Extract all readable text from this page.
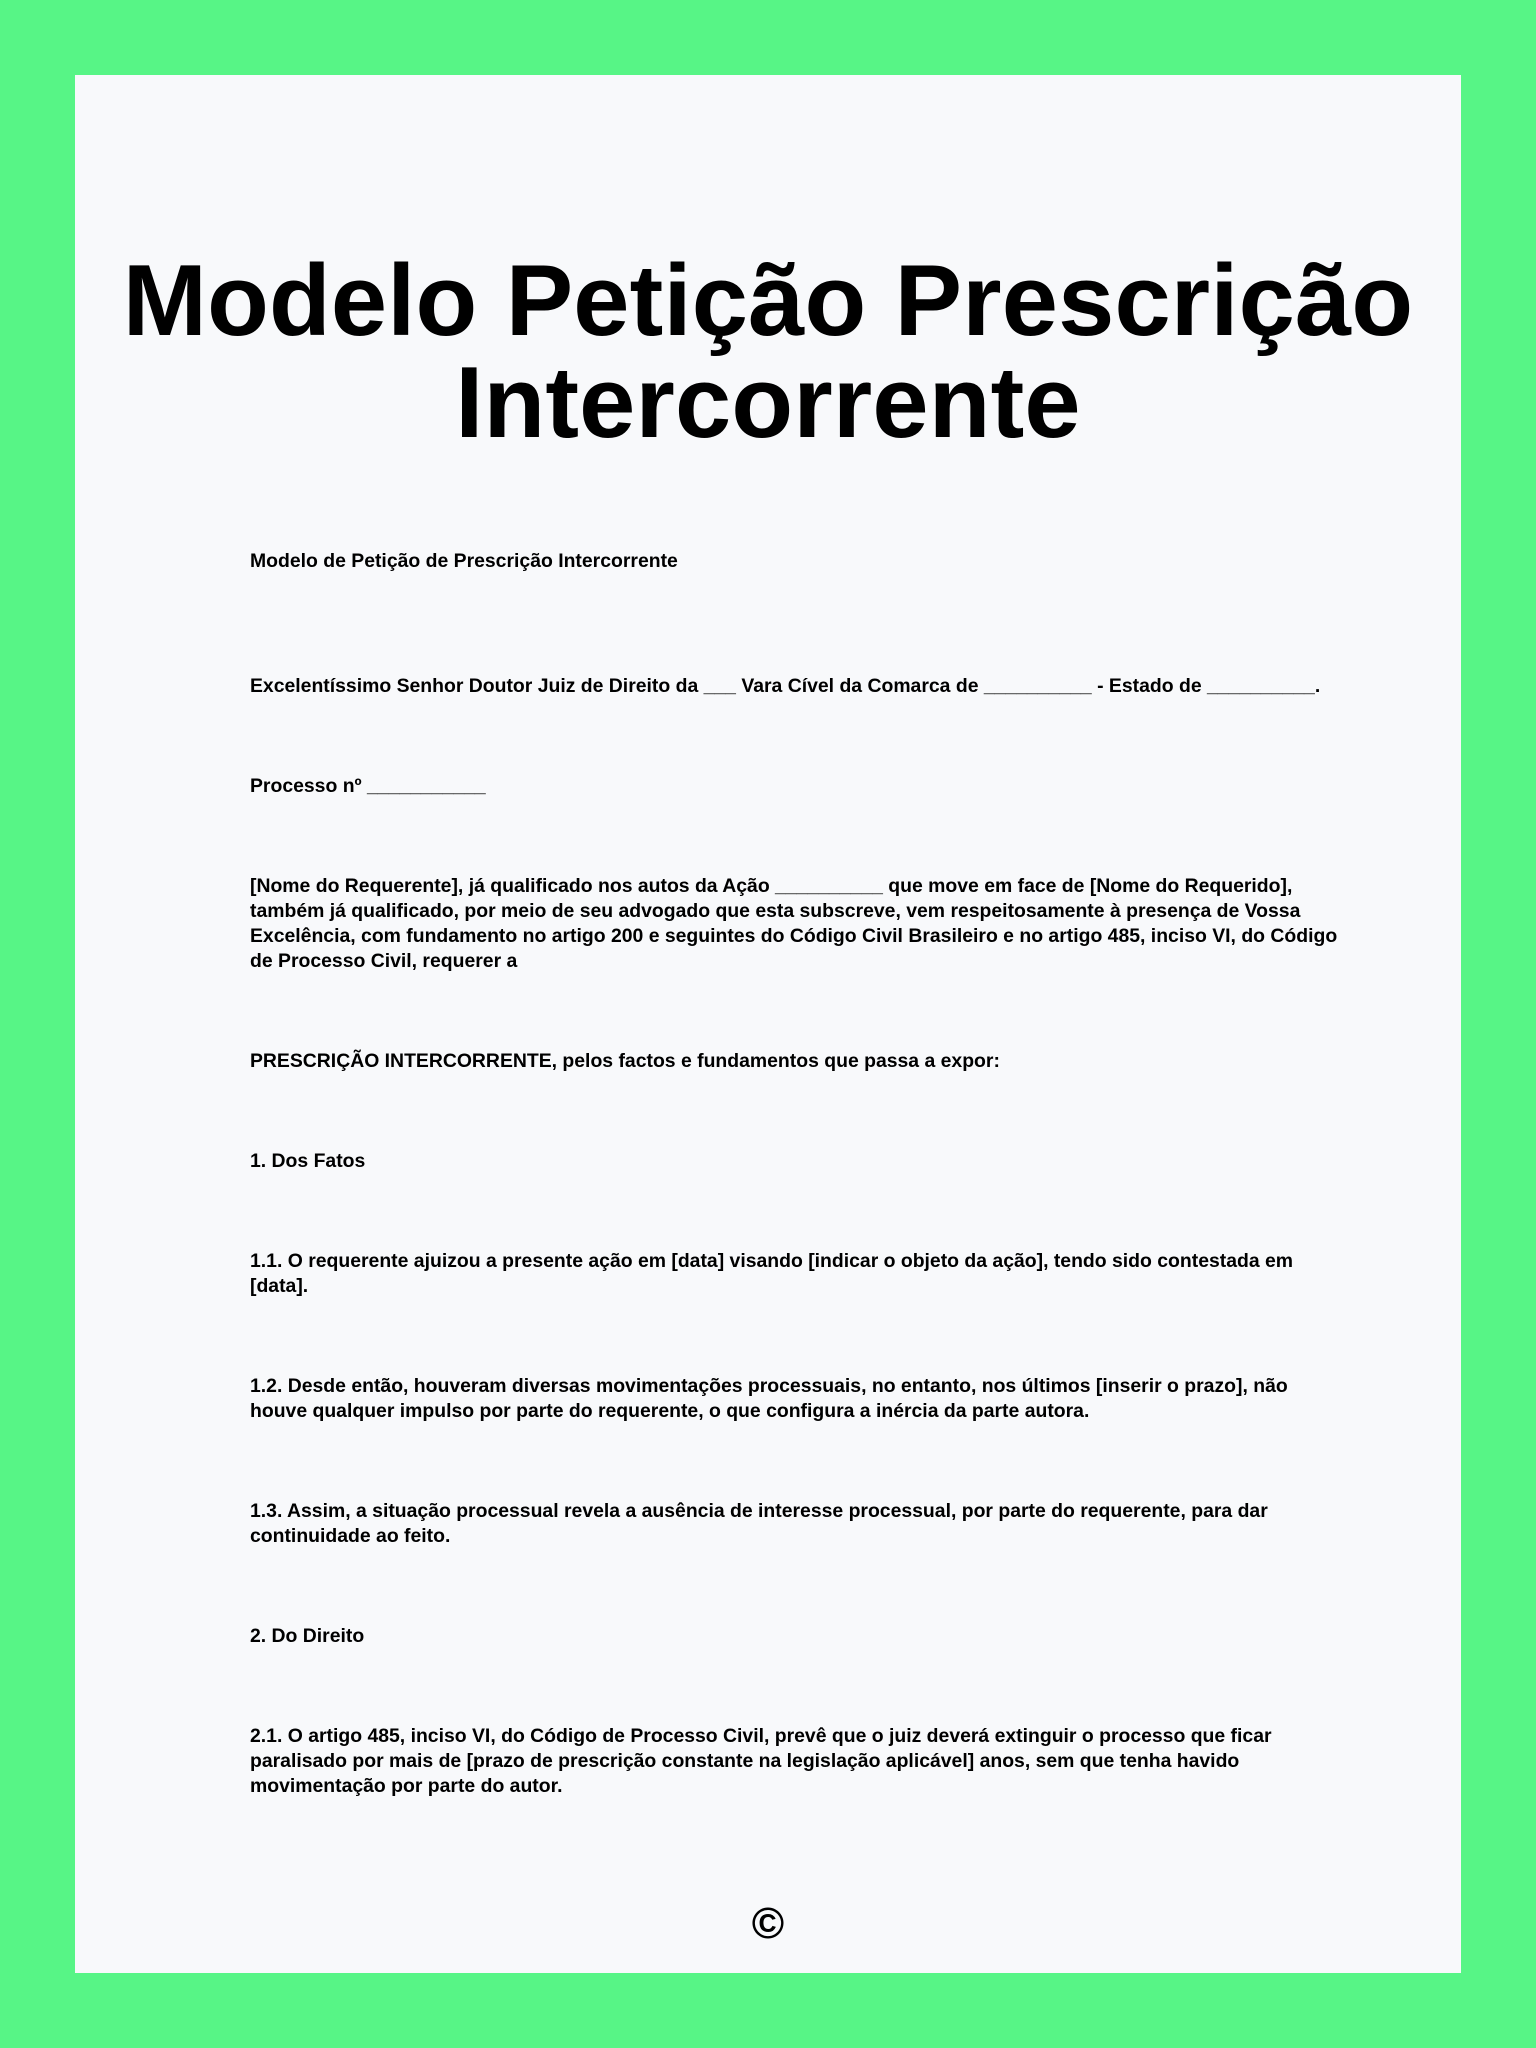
Modelo Petição Prescrição
Intercorrente

Modelo de Petição de Prescrição Intercorrente

Excelentíssimo Senhor Doutor Juiz de Direito da ___ Vara Cível da Comarca de __________ - Estado de __________.

Processo nº ___________

[Nome do Requerente], já qualificado nos autos da Ação __________ que move em face de [Nome do Requerido], também já qualificado, por meio de seu advogado que esta subscreve, vem respeitosamente à presença de Vossa Excelência, com fundamento no artigo 200 e seguintes do Código Civil Brasileiro e no artigo 485, inciso VI, do Código de Processo Civil, requerer a

PRESCRIÇÃO INTERCORRENTE, pelos factos e fundamentos que passa a expor:

1. Dos Fatos

1.1. O requerente ajuizou a presente ação em [data] visando [indicar o objeto da ação], tendo sido contestada em [data].

1.2. Desde então, houveram diversas movimentações processuais, no entanto, nos últimos [inserir o prazo], não houve qualquer impulso por parte do requerente, o que configura a inércia da parte autora.

1.3. Assim, a situação processual revela a ausência de interesse processual, por parte do requerente, para dar continuidade ao feito.

2. Do Direito

2.1. O artigo 485, inciso VI, do Código de Processo Civil, prevê que o juiz deverá extinguir o processo que ficar paralisado por mais de [prazo de prescrição constante na legislação aplicável] anos, sem que tenha havido movimentação por parte do autor.

©
